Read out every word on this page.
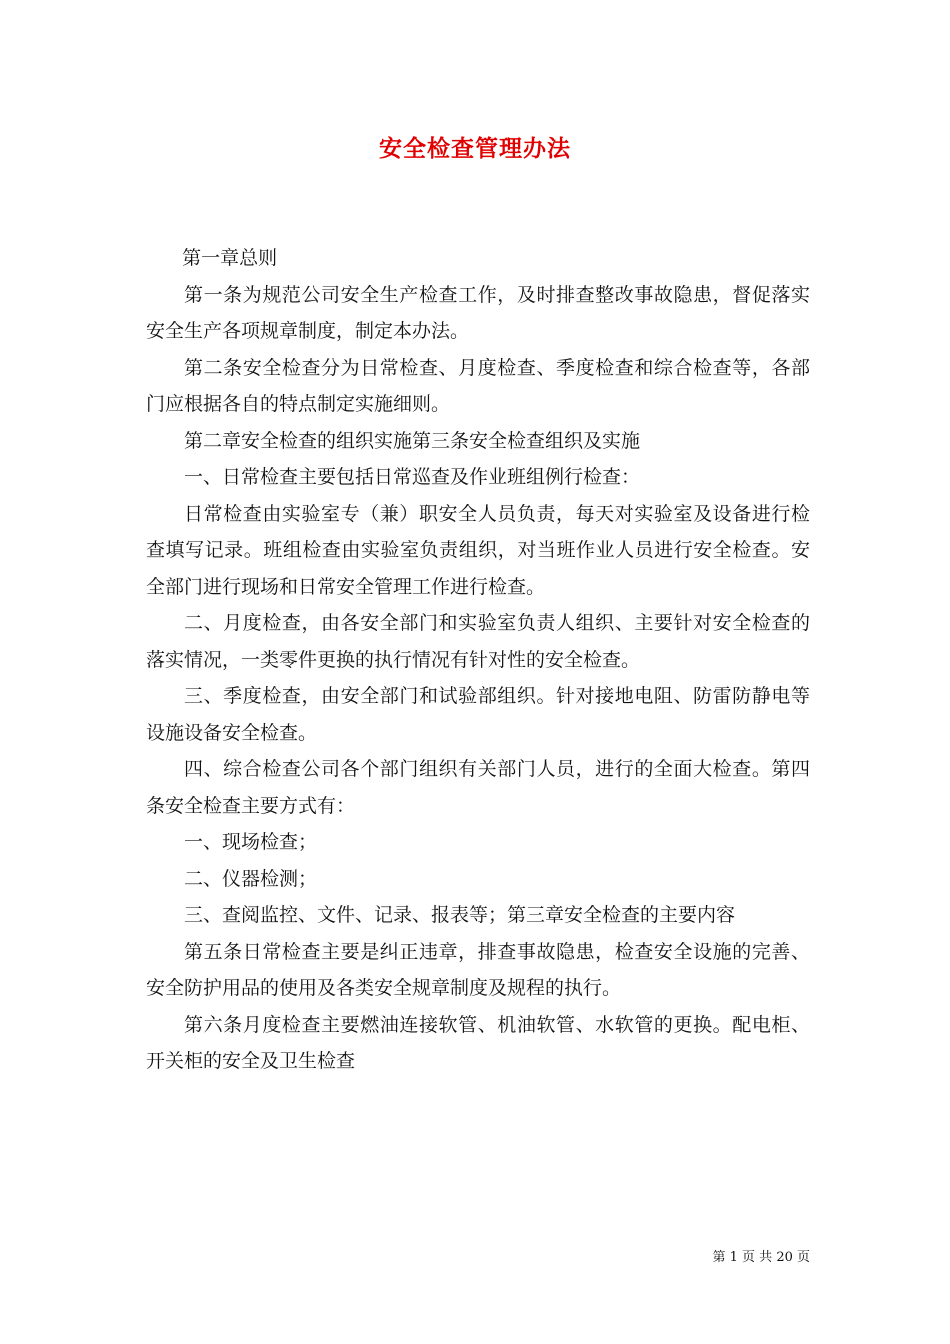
安全检查管理办法

第一章总则

第一条为规范公司安全生产检查工作，及时排查整改事故隐患，督促落实安全生产各项规章制度，制定本办法。

第二条安全检查分为日常检查、月度检查、季度检查和综合检查等，各部门应根据各自的特点制定实施细则。

第二章安全检查的组织实施第三条安全检查组织及实施

一、日常检查主要包括日常巡查及作业班组例行检查：

日常检查由实验室专（兼）职安全人员负责，每天对实验室及设备进行检查填写记录。班组检查由实验室负责组织，对当班作业人员进行安全检查。安全部门进行现场和日常安全管理工作进行检查。

二、月度检查，由各安全部门和实验室负责人组织、主要针对安全检查的落实情况，一类零件更换的执行情况有针对性的安全检查。

三、季度检查，由安全部门和试验部组织。针对接地电阻、防雷防静电等设施设备安全检查。

四、综合检查公司各个部门组织有关部门人员，进行的全面大检查。第四条安全检查主要方式有：

一、现场检查；

二、仪器检测；

三、查阅监控、文件、记录、报表等；第三章安全检查的主要内容

第五条日常检查主要是纠正违章，排查事故隐患，检查安全设施的完善、安全防护用品的使用及各类安全规章制度及规程的执行。

第六条月度检查主要燃油连接软管、机油软管、水软管的更换。配电柜、开关柜的安全及卫生检查

第 1 页 共 20 页
